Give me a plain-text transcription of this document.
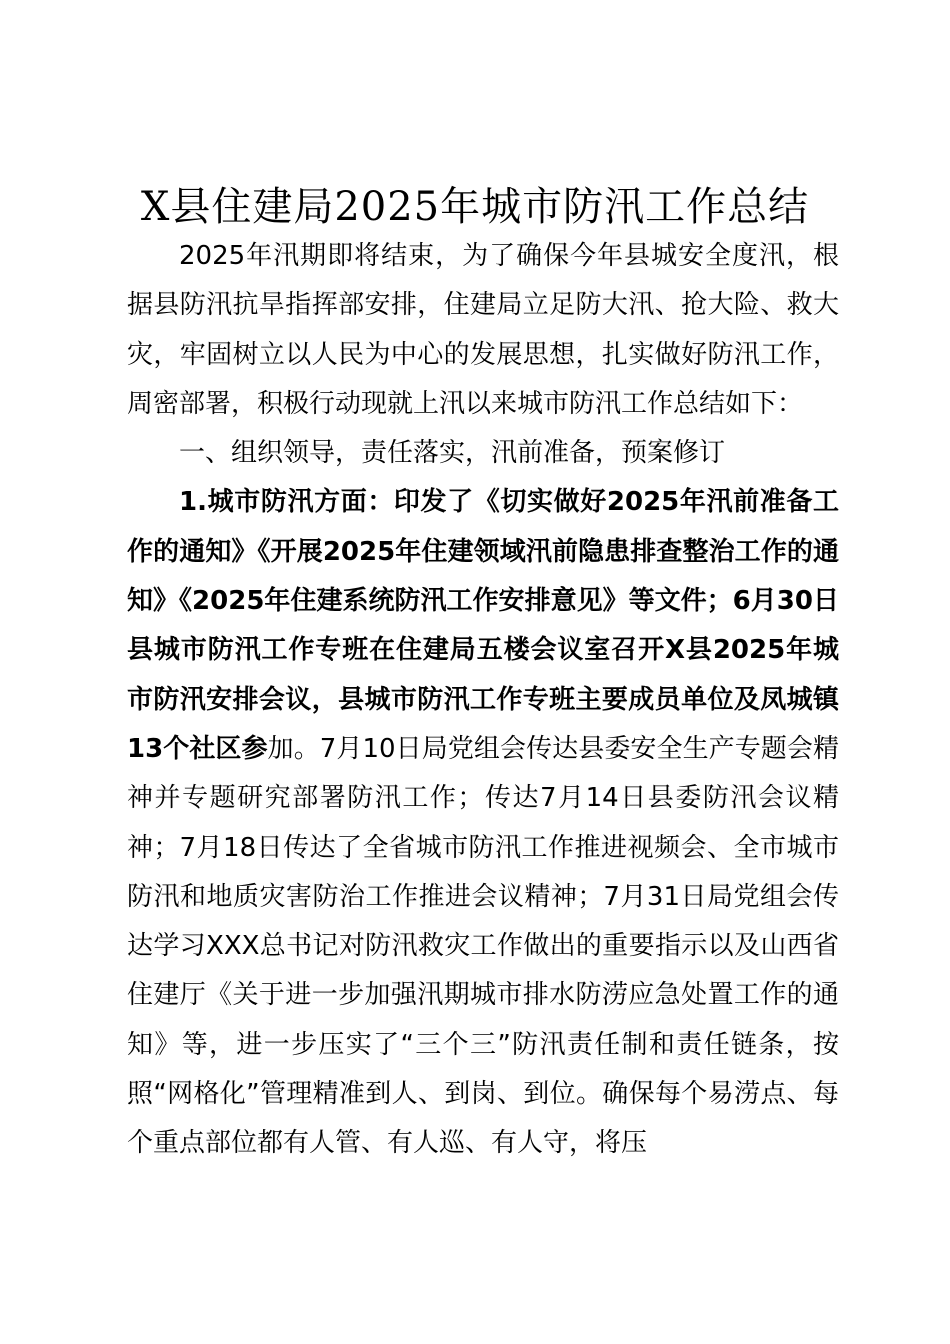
X县住建局2025年城市防汛工作总结

2025年汛期即将结束，为了确保今年县城安全度汛，根据县防汛抗旱指挥部安排，住建局立足防大汛、抢大险、救大灾，牢固树立以人民为中心的发展思想，扎实做好防汛工作，周密部署，积极行动现就上汛以来城市防汛工作总结如下：

一、组织领导，责任落实，汛前准备，预案修订

1.城市防汛方面：印发了《切实做好2025年汛前准备工作的通知》《开展2025年住建领域汛前隐患排查整治工作的通知》《2025年住建系统防汛工作安排意见》等文件；6月30日县城市防汛工作专班在住建局五楼会议室召开X县2025年城市防汛安排会议，县城市防汛工作专班主要成员单位及凤城镇13个社区参加。7月10日局党组会传达县委安全生产专题会精神并专题研究部署防汛工作；传达7月14日县委防汛会议精神；7月18日传达了全省城市防汛工作推进视频会、全市城市防汛和地质灾害防治工作推进会议精神；7月31日局党组会传达学习XXX总书记对防汛救灾工作做出的重要指示以及山西省住建厅《关于进一步加强汛期城市排水防涝应急处置工作的通知》等，进一步压实了“三个三”防汛责任制和责任链条，按照“网格化”管理精准到人、到岗、到位。确保每个易涝点、每个重点部位都有人管、有人巡、有人守，将压
